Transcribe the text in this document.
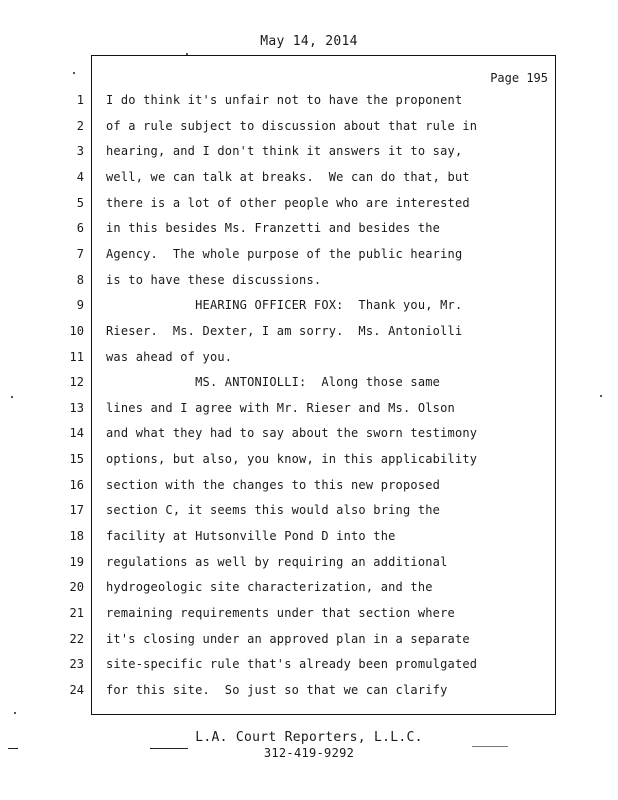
May 14, 2014
Page 195
1 I do think it's unfair not to have the proponent
2 of a rule subject to discussion about that rule in
3 hearing, and I don't think it answers it to say,
4 well, we can talk at breaks.  We can do that, but
5 there is a lot of other people who are interested
6 in this besides Ms. Franzetti and besides the
7 Agency.  The whole purpose of the public hearing
8 is to have these discussions.
9 HEARING OFFICER FOX:  Thank you, Mr.
10 Rieser.  Ms. Dexter, I am sorry.  Ms. Antoniolli
11 was ahead of you.
12 MS. ANTONIOLLI:  Along those same
13 lines and I agree with Mr. Rieser and Ms. Olson
14 and what they had to say about the sworn testimony
15 options, but also, you know, in this applicability
16 section with the changes to this new proposed
17 section C, it seems this would also bring the
18 facility at Hutsonville Pond D into the
19 regulations as well by requiring an additional
20 hydrogeologic site characterization, and the
21 remaining requirements under that section where
22 it's closing under an approved plan in a separate
23 site-specific rule that's already been promulgated
24 for this site.  So just so that we can clarify
L.A. Court Reporters, L.L.C.
312-419-9292
